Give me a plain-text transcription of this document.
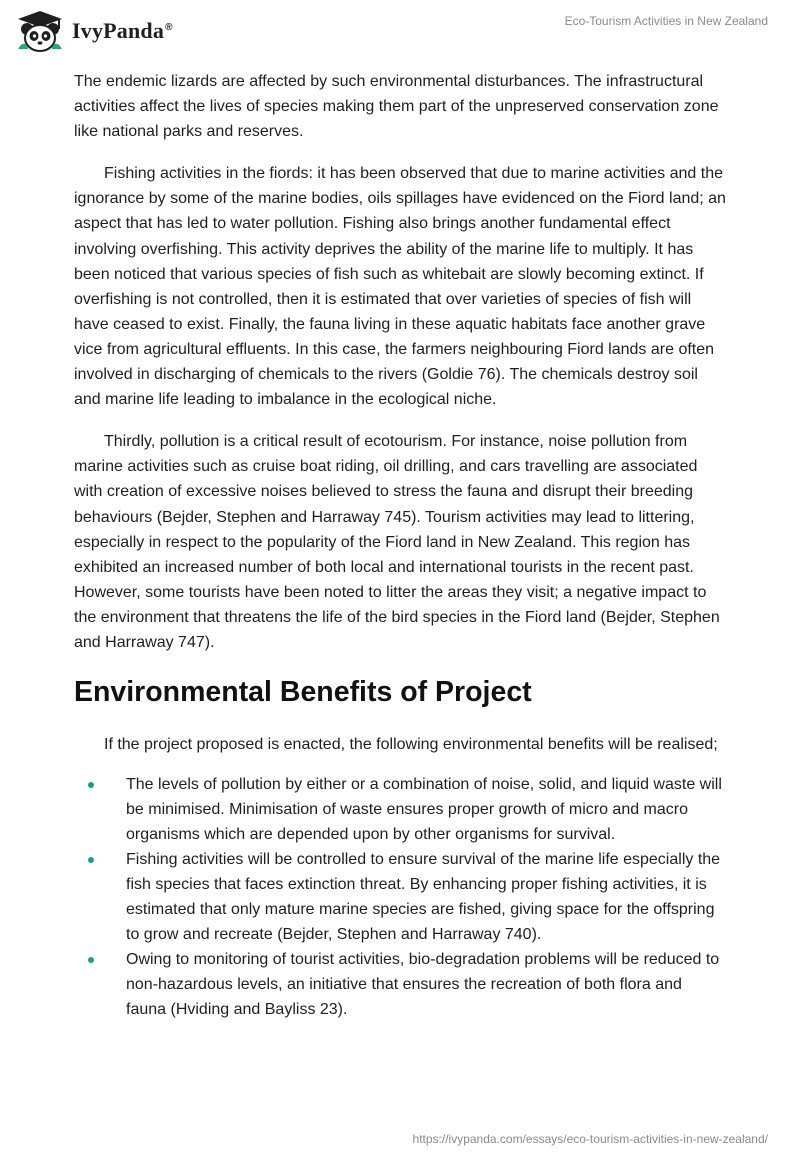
IvyPanda®	Eco-Tourism Activities in New Zealand

The endemic lizards are affected by such environmental disturbances. The infrastructural activities affect the lives of species making them part of the unpreserved conservation zone like national parks and reserves.

Fishing activities in the fiords: it has been observed that due to marine activities and the ignorance by some of the marine bodies, oils spillages have evidenced on the Fiord land; an aspect that has led to water pollution. Fishing also brings another fundamental effect involving overfishing. This activity deprives the ability of the marine life to multiply. It has been noticed that various species of fish such as whitebait are slowly becoming extinct. If overfishing is not controlled, then it is estimated that over varieties of species of fish will have ceased to exist. Finally, the fauna living in these aquatic habitats face another grave vice from agricultural effluents. In this case, the farmers neighbouring Fiord lands are often involved in discharging of chemicals to the rivers (Goldie 76). The chemicals destroy soil and marine life leading to imbalance in the ecological niche.

Thirdly, pollution is a critical result of ecotourism. For instance, noise pollution from marine activities such as cruise boat riding, oil drilling, and cars travelling are associated with creation of excessive noises believed to stress the fauna and disrupt their breeding behaviours (Bejder, Stephen and Harraway 745). Tourism activities may lead to littering, especially in respect to the popularity of the Fiord land in New Zealand. This region has exhibited an increased number of both local and international tourists in the recent past. However, some tourists have been noted to litter the areas they visit; a negative impact to the environment that threatens the life of the bird species in the Fiord land (Bejder, Stephen and Harraway 747).

Environmental Benefits of Project

If the project proposed is enacted, the following environmental benefits will be realised;

The levels of pollution by either or a combination of noise, solid, and liquid waste will be minimised. Minimisation of waste ensures proper growth of micro and macro organisms which are depended upon by other organisms for survival.
Fishing activities will be controlled to ensure survival of the marine life especially the fish species that faces extinction threat. By enhancing proper fishing activities, it is estimated that only mature marine species are fished, giving space for the offspring to grow and recreate (Bejder, Stephen and Harraway 740).
Owing to monitoring of tourist activities, bio-degradation problems will be reduced to non-hazardous levels, an initiative that ensures the recreation of both flora and fauna (Hviding and Bayliss 23).
https://ivypanda.com/essays/eco-tourism-activities-in-new-zealand/
